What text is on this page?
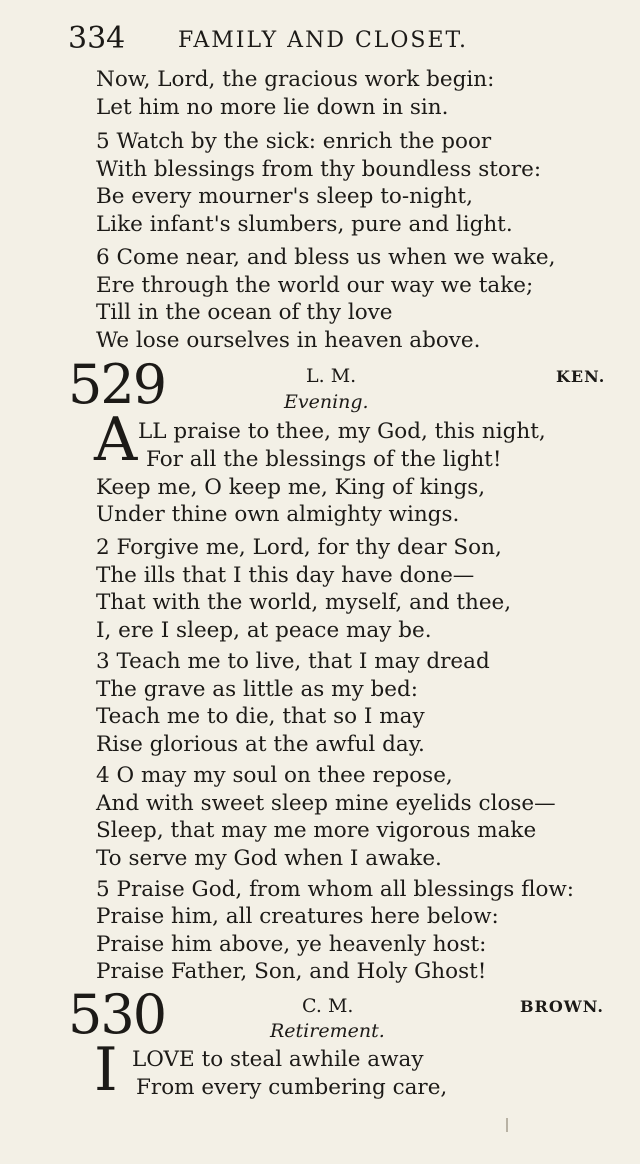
334 FAMILY AND CLOSET.
Now, Lord, the gracious work begin:
Let him no more lie down in sin.
5 Watch by the sick: enrich the poor
With blessings from thy boundless store:
Be every mourner's sleep to-night,
Like infant's slumbers, pure and light.
6 Come near, and bless us when we wake,
Ere through the world our way we take;
Till in the ocean of thy love
We lose ourselves in heaven above.
529	L. M.	KEN.
Evening.
A LL praise to thee, my God, this night,
For all the blessings of the light!
Keep me, O keep me, King of kings,
Under thine own almighty wings.
2 Forgive me, Lord, for thy dear Son,
The ills that I this day have done—
That with the world, myself, and thee,
I, ere I sleep, at peace may be.
3 Teach me to live, that I may dread
The grave as little as my bed:
Teach me to die, that so I may
Rise glorious at the awful day.
4 O may my soul on thee repose,
And with sweet sleep mine eyelids close—
Sleep, that may me more vigorous make
To serve my God when I awake.
5 Praise God, from whom all blessings flow:
Praise him, all creatures here below:
Praise him above, ye heavenly host:
Praise Father, Son, and Holy Ghost!
530	C. M.	BROWN.
Retirement.
I LOVE to steal awhile away
From every cumbering care,
